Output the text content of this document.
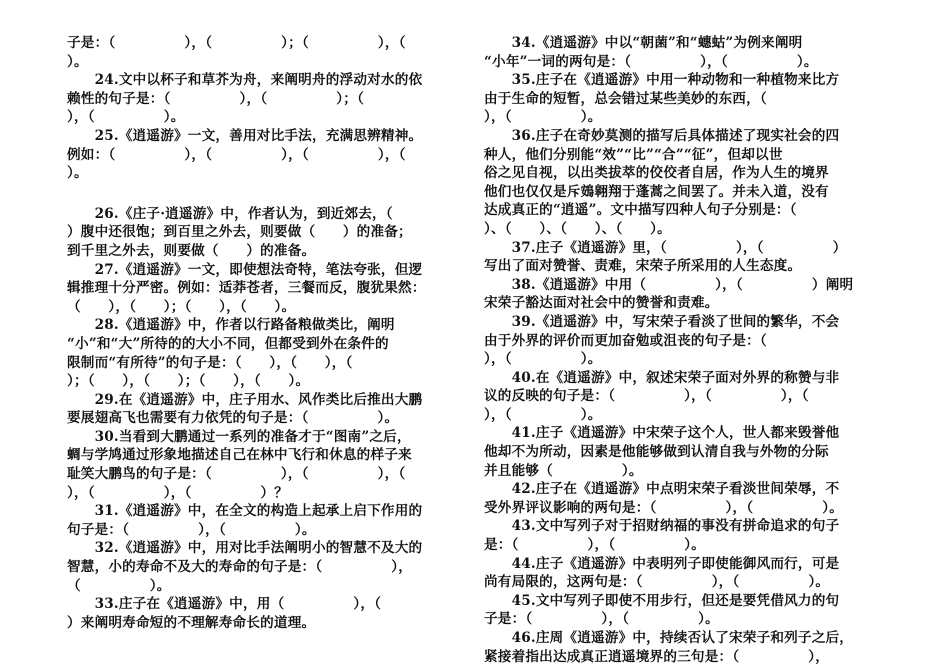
子是：（　　　　　），（　　　　　）；（　　　　　），（
）。
　　24.文中以杯子和草芥为舟，来阐明舟的浮动对水的依
赖性的句子是：（　　　　　），（　　　　　）；（
），（　　　　　）。
　　25.《逍遥游》一文，善用对比手法，充满思辨精神。
例如：（　　　　　），（　　　　　），（　　　　　），（
）。
　　26.《庄子·逍遥游》中，作者认为，到近郊去，（
）腹中还很饱；到百里之外去，则要做（　　）的准备；
到千里之外去，则要做（　　）的准备。
　　27.《逍遥游》一文，即使想法奇特，笔法夸张，但逻
辑推理十分严密。例如：适莽苍者，三餐而反，腹犹果然：
（　　），（　　）；（　　），（　　）。
　　28.《逍遥游》中，作者以行路备粮做类比，阐明
“小”和“大”所待的的大小不同，但都受到外在条件的
限制而“有所待”的句子是：（　　），（　　），（
）；（　　），（　　）；（　　），（　　）。
　　29.在《逍遥游》中，庄子用水、风作类比后推出大鹏
要展翅高飞也需要有力依凭的句子是：（　　　　　）。
　　30.当看到大鹏通过一系列的准备才于“图南”之后，
蜩与学鸠通过形象地描述自己在林中飞行和休息的样子来
耻笑大鹏鸟的句子是：（　　　　　），（　　　　　），（
），（　　　　　），（　　　　　）？
　　31.《逍遥游》中，在全文的构造上起承上启下作用的
句子是：（　　　　　），（　　　　　）。
　　32.《逍遥游》中，用对比手法阐明小的智慧不及大的
智慧，小的寿命不及大的寿命的句子是：（　　　　　），
（　　　　　）。
　　33.庄子在《逍遥游》中，用（　　　　　），（
）来阐明寿命短的不理解寿命长的道理。
　　34.《逍遥游》中以“朝菌”和“蟪蛄”为例来阐明
“小年”一词的两句是：（　　　　　），（　　　　　）。
　　35.庄子在《逍遥游》中用一种动物和一种植物来比方
由于生命的短暂，总会错过某些美妙的东西，（
），（　　　　　）。
　　36.庄子在奇妙莫测的描写后具体描述了现实社会的四
种人，他们分别能“效”“比”“合”“征”，但却以世
俗之见自视，以出类拔萃的佼佼者自居，作为人生的境界
他们也仅仅是斥鴳翱翔于蓬蒿之间罢了。并未入道，没有
达成真正的“逍遥”。文中描写四种人句子分别是：（
）、（　　）、（　　）、（　　）。
　　37.庄子《逍遥游》里，（　　　　　），（　　　　　）
写出了面对赞誉、责难，宋荣子所采用的人生态度。
　　38.《逍遥游》中用（　　　　　），（　　　　　）阐明
宋荣子豁达面对社会中的赞誉和责难。
　　39.《逍遥游》中，写宋荣子看淡了世间的繁华，不会
由于外界的评价而更加奋勉或沮丧的句子是：（
），（　　　　　）。
　　40.在《逍遥游》中，叙述宋荣子面对外界的称赞与非
议的反映的句子是：（　　　　　），（　　　　　），（
），（　　　　　）。
　　41.庄子《逍遥游》中宋荣子这个人，世人都来毁誉他
他却不为所动，因素是他能够做到认清自我与外物的分际
并且能够（　　　　　）。
　　42.庄子在《逍遥游》中点明宋荣子看淡世间荣辱，不
受外界评议影响的两句是：（　　　　　），（　　　　　）。
　　43.文中写列子对于招财纳福的事没有拼命追求的句子
是：（　　　　　），（　　　　　）。
　　44.庄子《逍遥游》中表明列子即使能御风而行，可是
尚有局限的，这两句是：（　　　　　），（　　　　　）。
　　45.文中写列子即使不用步行，但还是要凭借风力的句
子是：（　　　　　），（　　　　　）。
　　46.庄周《逍遥游》中，持续否认了宋荣子和列子之后，
紧接着指出达成真正逍遥境界的三句是：（　　　　　），
